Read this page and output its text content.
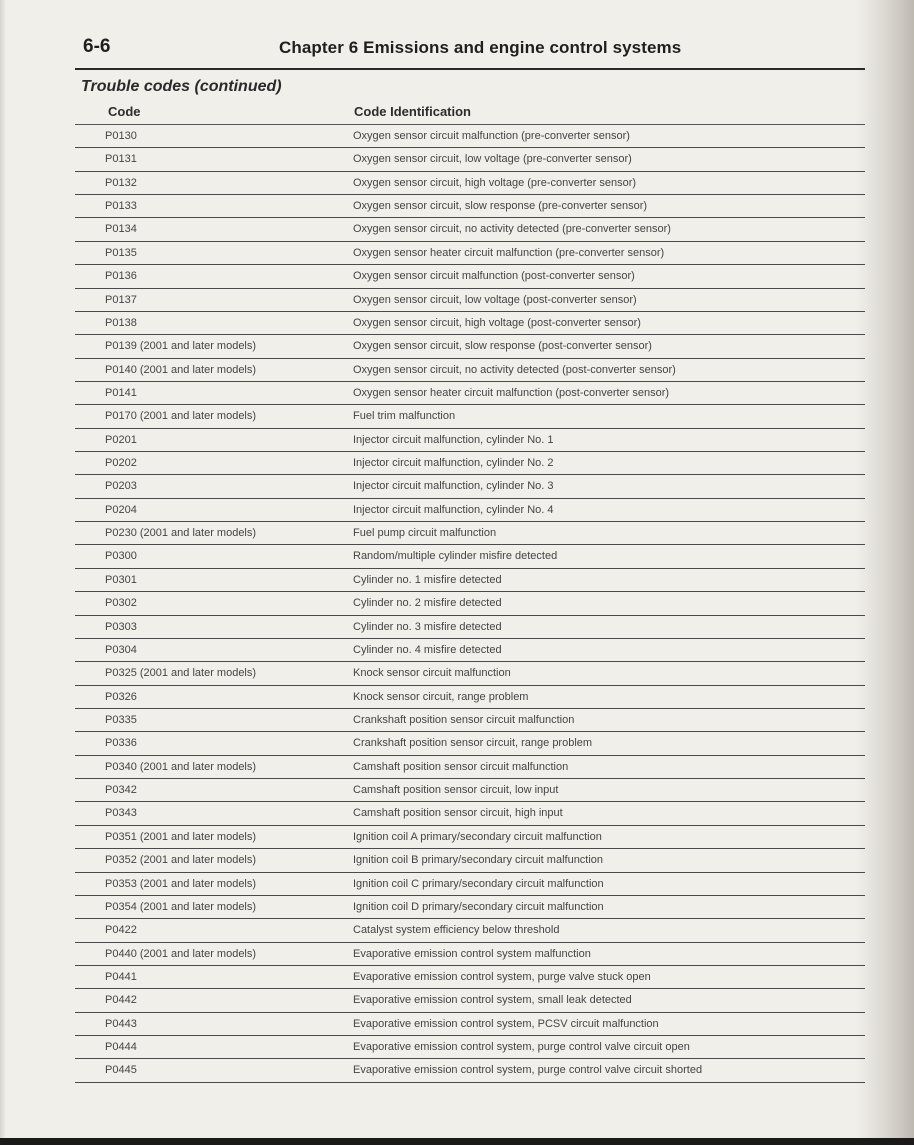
6-6	Chapter 6 Emissions and engine control systems
Trouble codes (continued)
Code	Code Identification
P0130	Oxygen sensor circuit malfunction (pre-converter sensor)
P0131	Oxygen sensor circuit, low voltage (pre-converter sensor)
P0132	Oxygen sensor circuit, high voltage (pre-converter sensor)
P0133	Oxygen sensor circuit, slow response (pre-converter sensor)
P0134	Oxygen sensor circuit, no activity detected (pre-converter sensor)
P0135	Oxygen sensor heater circuit malfunction (pre-converter sensor)
P0136	Oxygen sensor circuit malfunction (post-converter sensor)
P0137	Oxygen sensor circuit, low voltage (post-converter sensor)
P0138	Oxygen sensor circuit, high voltage (post-converter sensor)
P0139 (2001 and later models)	Oxygen sensor circuit, slow response (post-converter sensor)
P0140 (2001 and later models)	Oxygen sensor circuit, no activity detected (post-converter sensor)
P0141	Oxygen sensor heater circuit malfunction (post-converter sensor)
P0170 (2001 and later models)	Fuel trim malfunction
P0201	Injector circuit malfunction, cylinder No. 1
P0202	Injector circuit malfunction, cylinder No. 2
P0203	Injector circuit malfunction, cylinder No. 3
P0204	Injector circuit malfunction, cylinder No. 4
P0230 (2001 and later models)	Fuel pump circuit malfunction
P0300	Random/multiple cylinder misfire detected
P0301	Cylinder no. 1 misfire detected
P0302	Cylinder no. 2 misfire detected
P0303	Cylinder no. 3 misfire detected
P0304	Cylinder no. 4 misfire detected
P0325 (2001 and later models)	Knock sensor circuit malfunction
P0326	Knock sensor circuit, range problem
P0335	Crankshaft position sensor circuit malfunction
P0336	Crankshaft position sensor circuit, range problem
P0340 (2001 and later models)	Camshaft position sensor circuit malfunction
P0342	Camshaft position sensor circuit, low input
P0343	Camshaft position sensor circuit, high input
P0351 (2001 and later models)	Ignition coil A primary/secondary circuit malfunction
P0352 (2001 and later models)	Ignition coil B primary/secondary circuit malfunction
P0353 (2001 and later models)	Ignition coil C primary/secondary circuit malfunction
P0354 (2001 and later models)	Ignition coil D primary/secondary circuit malfunction
P0422	Catalyst system efficiency below threshold
P0440 (2001 and later models)	Evaporative emission control system malfunction
P0441	Evaporative emission control system, purge valve stuck open
P0442	Evaporative emission control system, small leak detected
P0443	Evaporative emission control system, PCSV circuit malfunction
P0444	Evaporative emission control system, purge control valve circuit open
P0445	Evaporative emission control system, purge control valve circuit shorted
